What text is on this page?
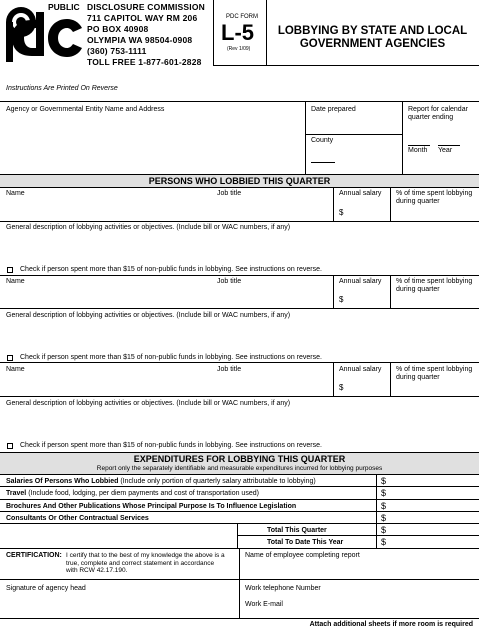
PUBLIC DISCLOSURE COMMISSION
711 CAPITOL WAY RM 206
PO BOX 40908
OLYMPIA WA 98504-0908
(360) 753-1111
TOLL FREE 1-877-601-2828
PDC FORM
L-5
(Rev 1/09)
LOBBYING BY STATE AND LOCAL
GOVERNMENT AGENCIES
Instructions Are Printed On Reverse
Agency or Governmental Entity Name and Address	Date prepared
County
Report for calendar
quarter ending
Month Year
PERSONS WHO LOBBIED THIS QUARTER
Name	Job title	Annual salary
$
% of time spent lobbying
during quarter
General description of lobbying activities or objectives. (Include bill or WAC numbers, if any)
Check if person spent more than $15 of non-public funds in lobbying. See instructions on reverse.
Name	Job title	Annual salary
$
% of time spent lobbying
during quarter
General description of lobbying activities or objectives. (Include bill or WAC numbers, if any)
Check if person spent more than $15 of non-public funds in lobbying. See instructions on reverse.
Name	Job title	Annual salary
$
% of time spent lobbying
during quarter
General description of lobbying activities or objectives. (Include bill or WAC numbers, if any)
Check if person spent more than $15 of non-public funds in lobbying. See instructions on reverse.
EXPENDITURES FOR LOBBYING THIS QUARTER
Report only the separately identifiable and measurable expenditures incurred for lobbying purposes
Salaries Of Persons Who Lobbied (Include only portion of quarterly salary attributable to lobbying)	$
Travel (Include food, lodging, per diem payments and cost of transportation used)	$
Brochures And Other Publications Whose Principal Purpose Is To Influence Legislation	$
Consultants Or Other Contractual Services	$
Total This Quarter	$
Total To Date This Year	$
CERTIFICATION: I certify that to the best of my knowledge the above is a
true, complete and correct statement in accordance
with RCW 42.17.190.
Name of employee completing report
Signature of agency head	Work telephone Number
Work E-mail
Attach additional sheets if more room is required
